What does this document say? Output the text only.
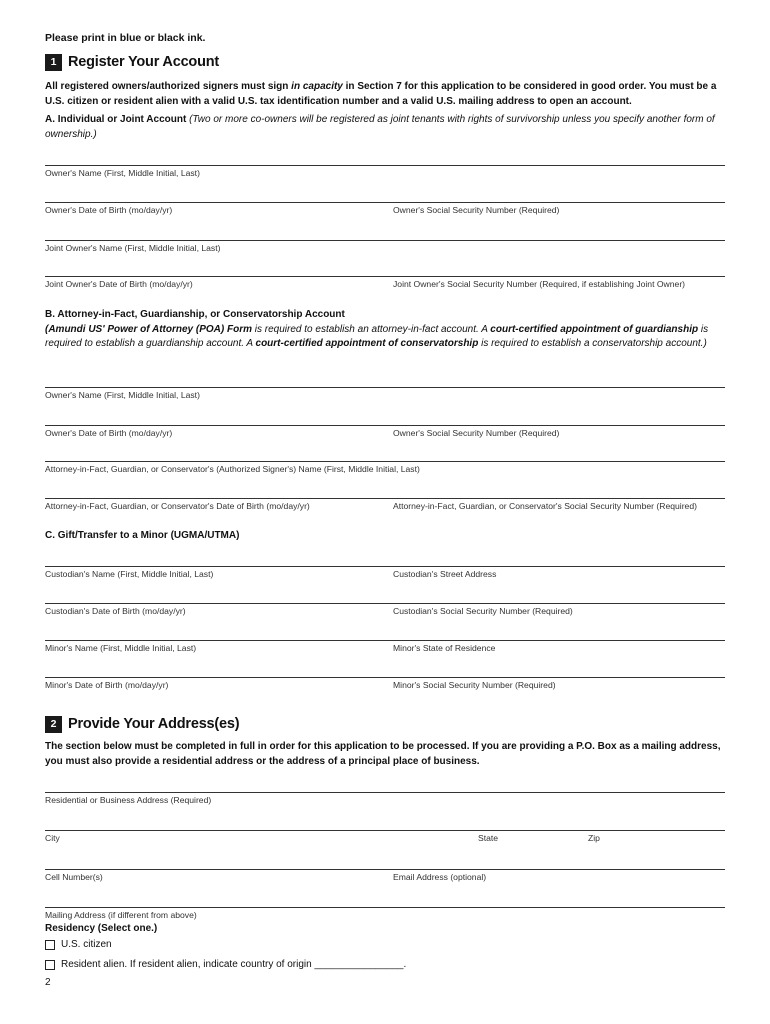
Please print in blue or black ink.
1 Register Your Account
All registered owners/authorized signers must sign in capacity in Section 7 for this application to be considered in good order. You must be a U.S. citizen or resident alien with a valid U.S. tax identification number and a valid U.S. mailing address to open an account.
A. Individual or Joint Account (Two or more co-owners will be registered as joint tenants with rights of survivorship unless you specify another form of ownership.)
Owner's Name (First, Middle Initial, Last)
Owner's Date of Birth (mo/day/yr)	Owner's Social Security Number (Required)
Joint Owner's Name (First, Middle Initial, Last)
Joint Owner's Date of Birth (mo/day/yr)	Joint Owner's Social Security Number (Required, if establishing Joint Owner)
B. Attorney-in-Fact, Guardianship, or Conservatorship Account
(Amundi US' Power of Attorney (POA) Form is required to establish an attorney-in-fact account. A court-certified appointment of guardianship is required to establish a guardianship account. A court-certified appointment of conservatorship is required to establish a conservatorship account.)
Owner's Name (First, Middle Initial, Last)
Owner's Date of Birth (mo/day/yr)	Owner's Social Security Number (Required)
Attorney-in-Fact, Guardian, or Conservator's (Authorized Signer's) Name (First, Middle Initial, Last)
Attorney-in-Fact, Guardian, or Conservator's Date of Birth (mo/day/yr)	Attorney-in-Fact, Guardian, or Conservator's Social Security Number (Required)
C. Gift/Transfer to a Minor (UGMA/UTMA)
Custodian's Name (First, Middle Initial, Last)	Custodian's Street Address
Custodian's Date of Birth (mo/day/yr)	Custodian's Social Security Number (Required)
Minor's Name (First, Middle Initial, Last)	Minor's State of Residence
Minor's Date of Birth (mo/day/yr)	Minor's Social Security Number (Required)
2 Provide Your Address(es)
The section below must be completed in full in order for this application to be processed. If you are providing a P.O. Box as a mailing address, you must also provide a residential address or the address of a principal place of business.
Residential or Business Address (Required)
City	State	Zip
Cell Number(s)	Email Address (optional)
Mailing Address (if different from above)
Residency (Select one.)
U.S. citizen
Resident alien. If resident alien, indicate country of origin ________________.
2
